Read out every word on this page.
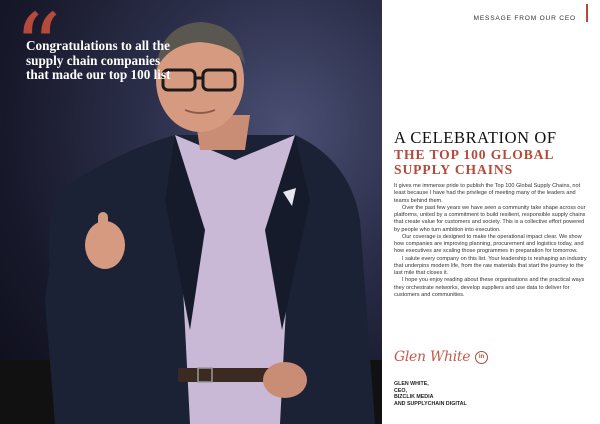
“
Congratulations to all the supply chain companies that made our top 100 list
MESSAGE FROM OUR CEO
A CELEBRATION OF
THE TOP 100 GLOBAL SUPPLY CHAINS

It gives me immense pride to publish the Top 100 Global Supply Chains, not least because I have had the privilege of meeting many of the leaders and teams behind them.

Over the past few years we have seen a community take shape across our platforms, united by a commitment to build resilient, responsible supply chains that create value for customers and society. This is a collective effort powered by people who turn ambition into execution.

Our coverage is designed to make the operational impact clear. We show how companies are improving planning, procurement and logistics today, and how executives are scaling those programmes in preparation for tomorrow.

I salute every company on this list. Your leadership is reshaping an industry that underpins modern life, from the raw materials that start the journey to the last mile that closes it.

I hope you enjoy reading about these organisations and the practical ways they orchestrate networks, develop suppliers and use data to deliver for customers and communities.

Glen White	in
GLEN WHITE,
CEO,
BIZCLIK MEDIA
AND SUPPLYCHAIN DIGITAL
